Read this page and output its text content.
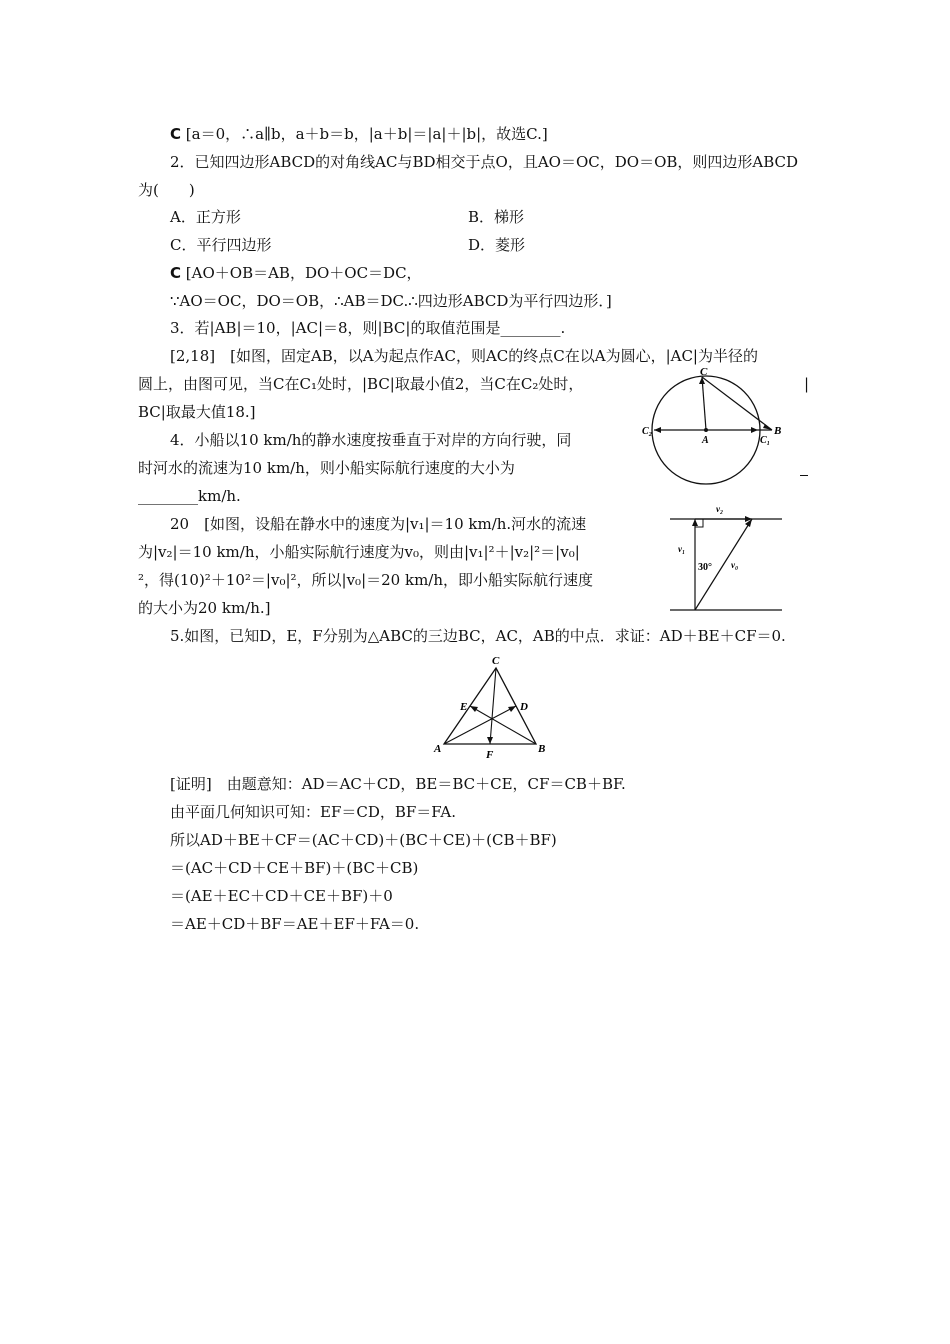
C [a＝0，∴a∥b，a＋b＝b，|a＋b|＝|a|＋|b|，故选C.]
2．已知四边形ABCD的对角线AC与BD相交于点O，且AO＝OC，DO＝OB，则四边形ABCD
为(　　)
A．正方形	B．梯形
C．平行四边形	D．菱形
C [AO＋OB＝AB，DO＋OC＝DC，
∵AO＝OC，DO＝OB，∴AB＝DC.∴四边形ABCD为平行四边形．]
3．若|AB|＝10，|AC|＝8，则|BC|的取值范围是________.
[2,18]　[如图，固定AB，以A为起点作AC，则AC的终点C在以A为圆心，|AC|为半径的
圆上，由图可见，当C在C₁处时，|BC|取最小值2，当C在C₂处时，	|
BC|取最大值18.]
C
A
B
C₁
C₂
4．小船以10 km/h的静水速度按垂直于对岸的方向行驶，同
时河水的流速为10 km/h，则小船实际航行速度的大小为
________km/h.
20　[如图，设船在静水中的速度为|v₁|＝10 km/h.河水的流速
为|v₂|＝10 km/h，小船实际航行速度为v₀，则由|v₁|²＋|v₂|²＝|v₀|
²，得(10)²＋10²＝|v₀|²，所以|v₀|＝20 km/h，即小船实际航行速度
的大小为20 km/h.]
v₂
v₁
v₀
30°
5.如图，已知D，E，F分别为△ABC的三边BC，AC，AB的中点．求证：AD＋BE＋CF＝0.
C
E	D
A	B
F
[证明]　由题意知：AD＝AC＋CD，BE＝BC＋CE，CF＝CB＋BF.
由平面几何知识可知：EF＝CD，BF＝FA.
所以AD＋BE＋CF＝(AC＋CD)＋(BC＋CE)＋(CB＋BF)
＝(AC＋CD＋CE＋BF)＋(BC＋CB)
＝(AE＋EC＋CD＋CE＋BF)＋0
＝AE＋CD＋BF＝AE＋EF＋FA＝0.
